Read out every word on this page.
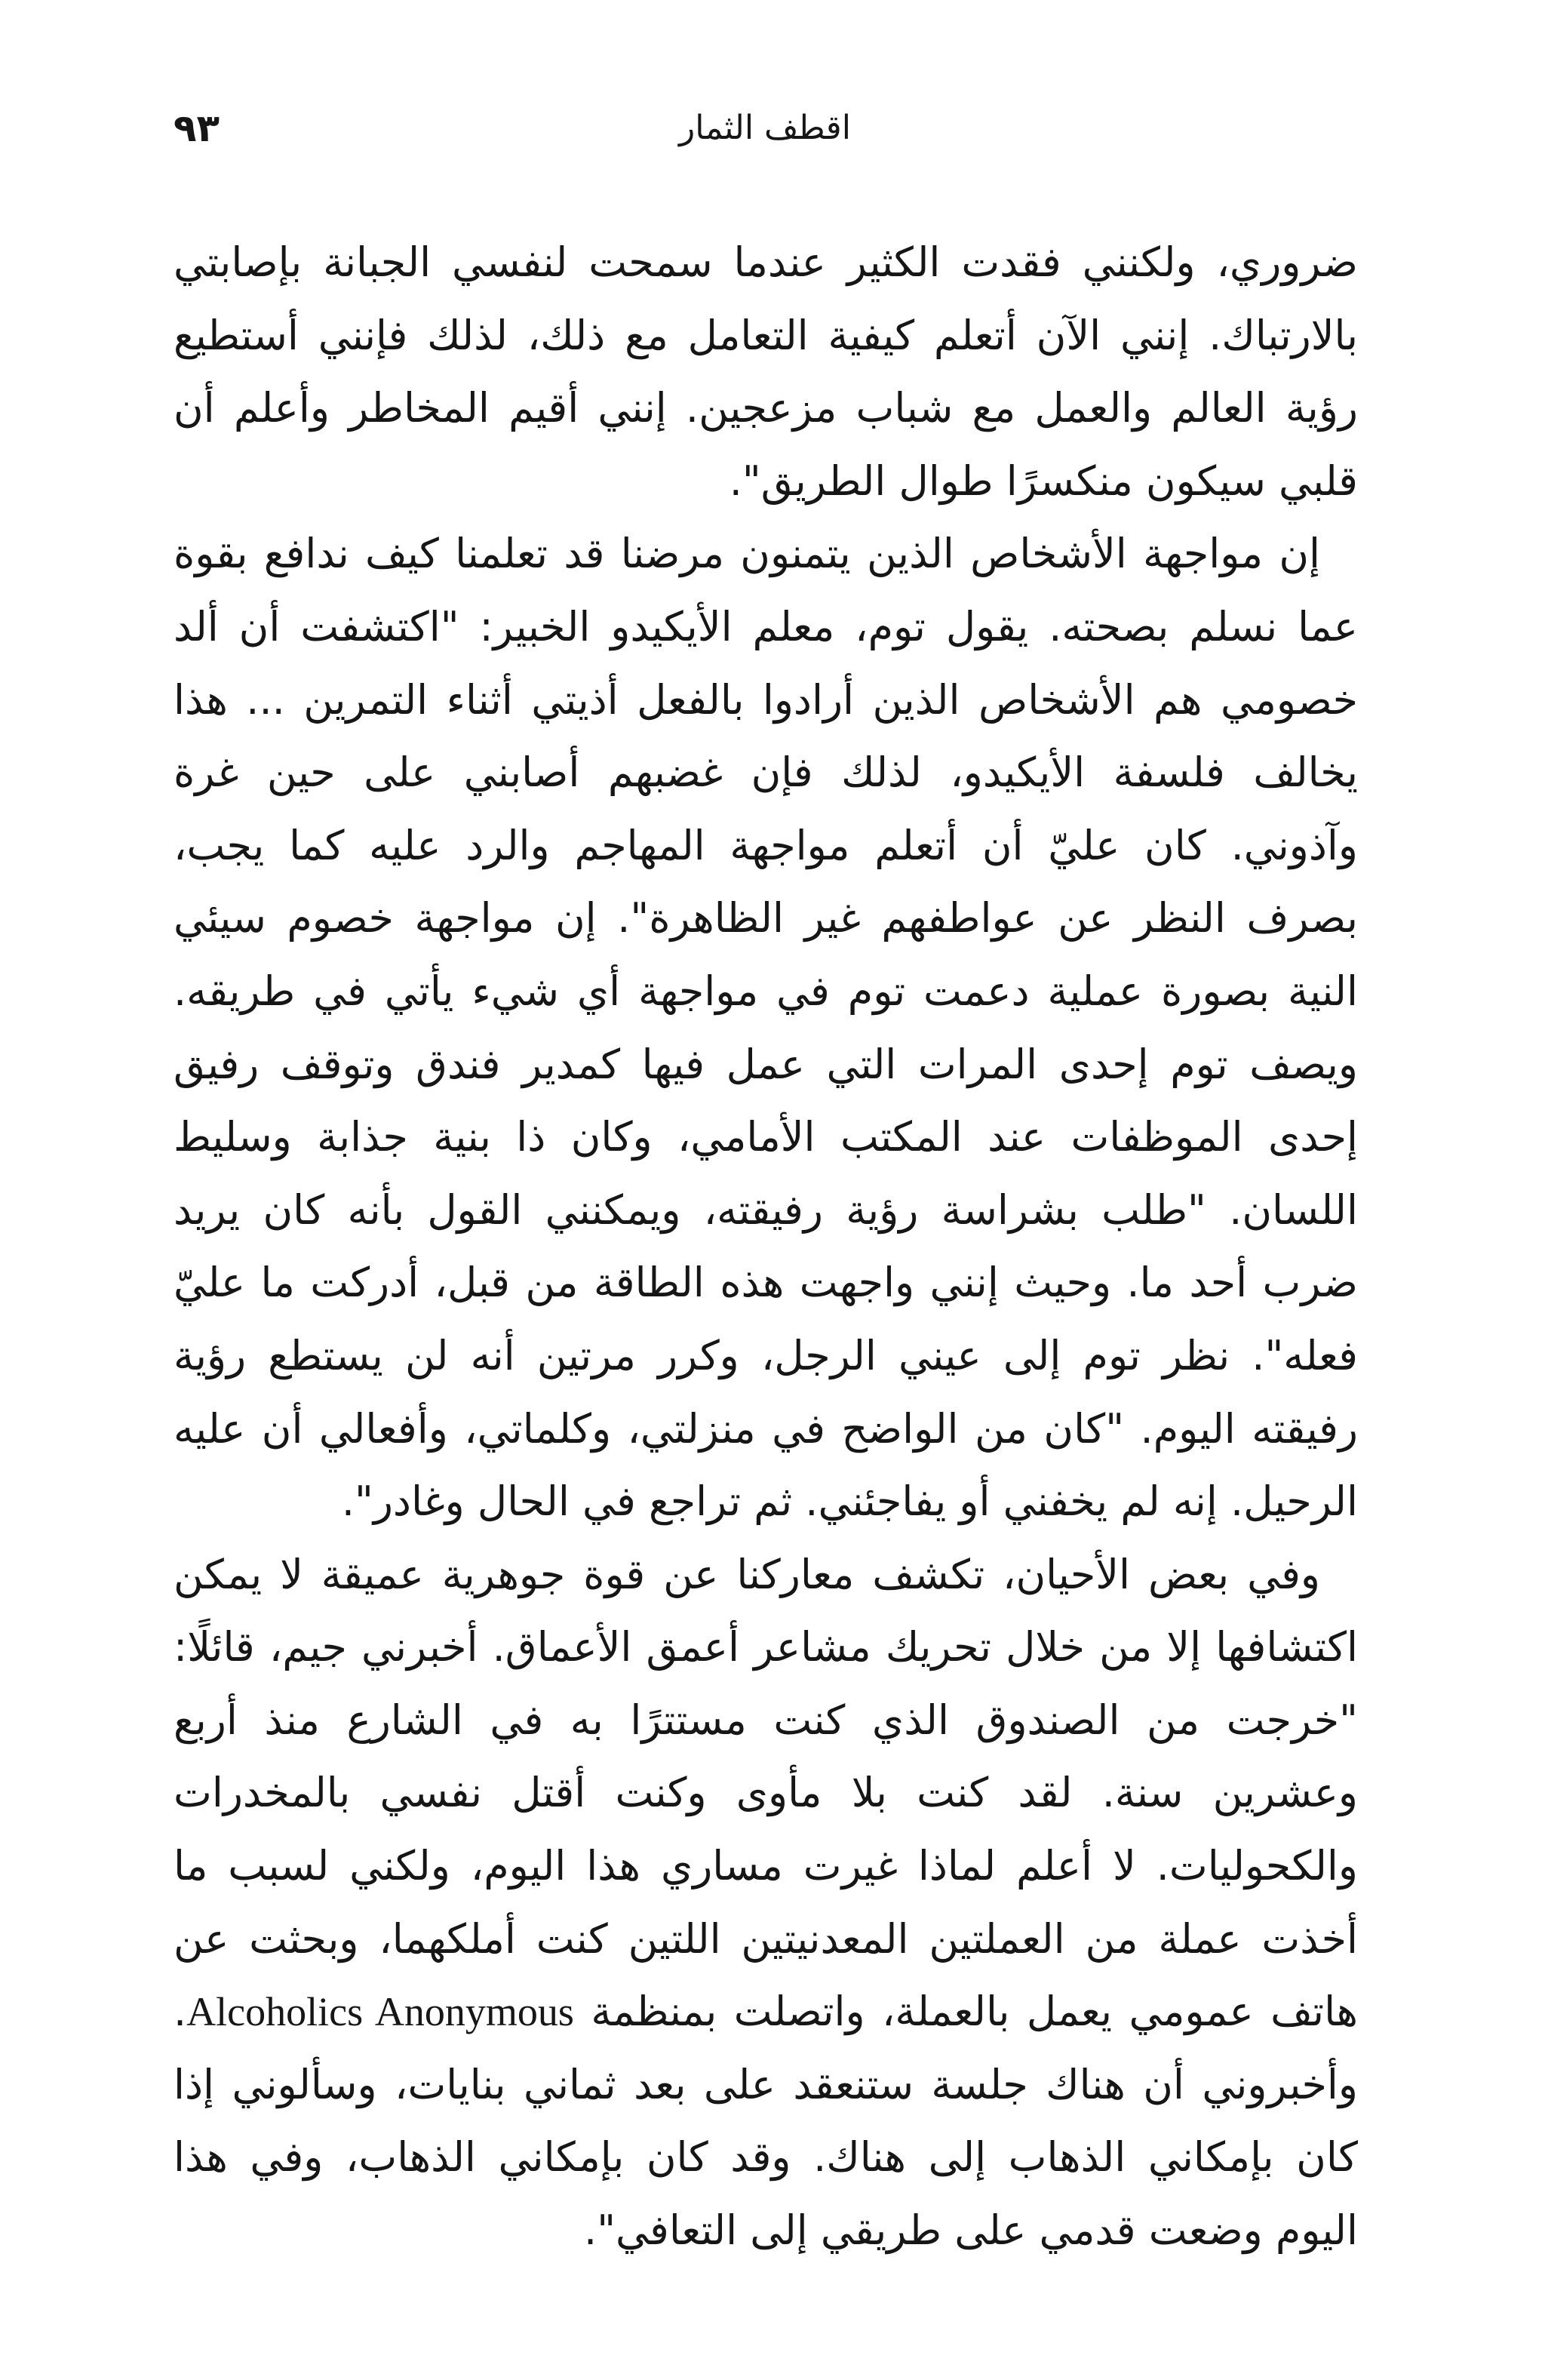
٩٣	اقطف الثمار

ضروري، ولكنني فقدت الكثير عندما سمحت لنفسي الجبانة بإصابتي بالارتباك. إنني الآن أتعلم كيفية التعامل مع ذلك، لذلك فإنني أستطيع رؤية العالم والعمل مع شباب مزعجين. إنني أقيم المخاطر وأعلم أن قلبي سيكون منكسرًا طوال الطريق".

إن مواجهة الأشخاص الذين يتمنون مرضنا قد تعلمنا كيف ندافع بقوة عما نسلم بصحته. يقول توم، معلم الأيكيدو الخبير: "اكتشفت أن ألد خصومي هم الأشخاص الذين أرادوا بالفعل أذيتي أثناء التمرين ... هذا يخالف فلسفة الأيكيدو، لذلك فإن غضبهم أصابني على حين غرة وآذوني. كان عليّ أن أتعلم مواجهة المهاجم والرد عليه كما يجب، بصرف النظر عن عواطفهم غير الظاهرة". إن مواجهة خصوم سيئي النية بصورة عملية دعمت توم في مواجهة أي شيء يأتي في طريقه. ويصف توم إحدى المرات التي عمل فيها كمدير فندق وتوقف رفيق إحدى الموظفات عند المكتب الأمامي، وكان ذا بنية جذابة وسليط اللسان. "طلب بشراسة رؤية رفيقته، ويمكنني القول بأنه كان يريد ضرب أحد ما. وحيث إنني واجهت هذه الطاقة من قبل، أدركت ما عليّ فعله". نظر توم إلى عيني الرجل، وكرر مرتين أنه لن يستطع رؤية رفيقته اليوم. "كان من الواضح في منزلتي، وكلماتي، وأفعالي أن عليه الرحيل. إنه لم يخفني أو يفاجئني. ثم تراجع في الحال وغادر".

وفي بعض الأحيان، تكشف معاركنا عن قوة جوهرية عميقة لا يمكن اكتشافها إلا من خلال تحريك مشاعر أعمق الأعماق. أخبرني جيم، قائلًا: "خرجت من الصندوق الذي كنت مستترًا به في الشارع منذ أربع وعشرين سنة. لقد كنت بلا مأوى وكنت أقتل نفسي بالمخدرات والكحوليات. لا أعلم لماذا غيرت مساري هذا اليوم، ولكني لسبب ما أخذت عملة من العملتين المعدنيتين اللتين كنت أملكهما، وبحثت عن هاتف عمومي يعمل بالعملة، واتصلت بمنظمة Alcoholics Anonymous. وأخبروني أن هناك جلسة ستنعقد على بعد ثماني بنايات، وسألوني إذا كان بإمكاني الذهاب إلى هناك. وقد كان بإمكاني الذهاب، وفي هذا اليوم وضعت قدمي على طريقي إلى التعافي".
